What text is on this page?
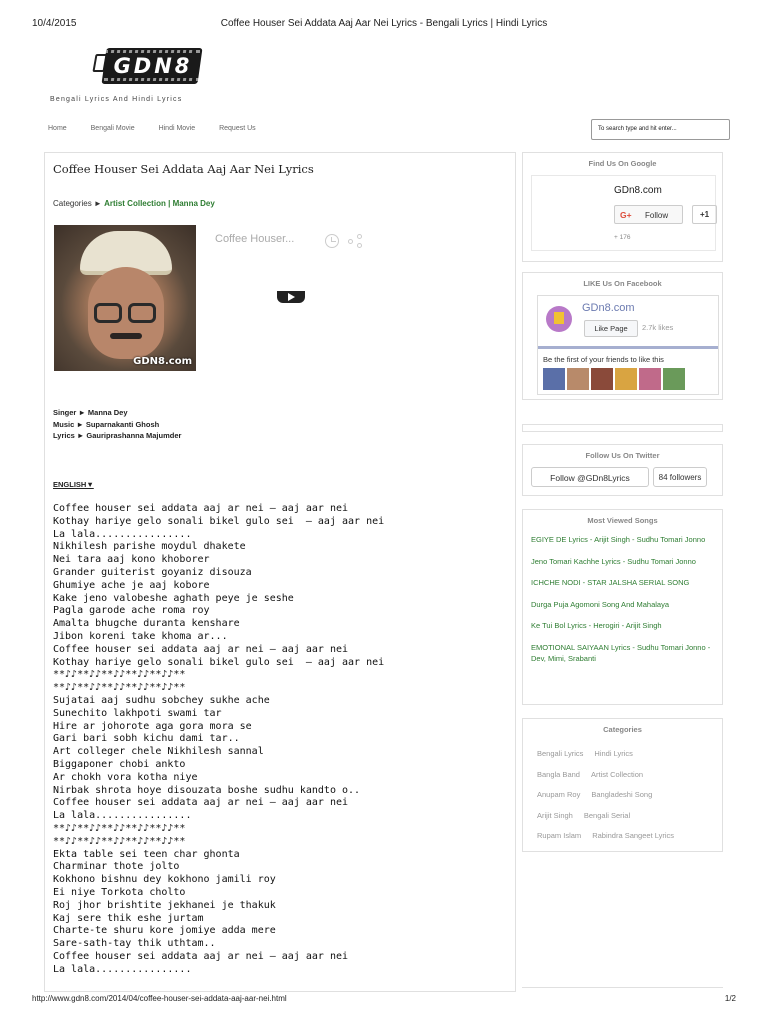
10/4/2015	Coffee Houser Sei Addata Aaj Aar Nei Lyrics - Bengali Lyrics | Hindi Lyrics
GDN8
Bengali Lyrics And Hindi Lyrics
Home	Bengali Movie	Hindi Movie	Request Us	To search type and hit enter...
Coffee Houser Sei Addata Aaj Aar Nei Lyrics
Categories ► Artist Collection | Manna Dey
GDN8.com
Coffee Houser...
Singer ► Manna Dey
Music ► Suparnakanti Ghosh
Lyrics ► Gauriprashanna Majumder
ENGLISH▼
Coffee houser sei addata aaj ar nei – aaj aar nei
Kothay hariye gelo sonali bikel gulo sei  – aaj aar nei
La lala................
Nikhilesh parishe moydul dhakete
Nei tara aaj kono khoborer
Grander guiterist goyaniz disouza
Ghumiye ache je aaj kobore
Kake jeno valobeshe aghath peye je seshe
Pagla garode ache roma roy
Amalta bhugche duranta kenshare
Jibon koreni take khoma ar...
Coffee houser sei addata aaj ar nei – aaj aar nei
Kothay hariye gelo sonali bikel gulo sei  – aaj aar nei
**♪♪**♪♪**♪♪**♪♪**♪♪**
**♪♪**♪♪**♪♪**♪♪**♪♪**
Sujatai aaj sudhu sobchey sukhe ache
Sunechito lakhpoti swami tar
Hire ar johorote aga gora mora se
Gari bari sobh kichu dami tar..
Art colleger chele Nikhilesh sannal
Biggaponer chobi ankto
Ar chokh vora kotha niye
Nirbak shrota hoye disouzata boshe sudhu kandto o..
Coffee houser sei addata aaj ar nei – aaj aar nei
La lala................
**♪♪**♪♪**♪♪**♪♪**♪♪**
**♪♪**♪♪**♪♪**♪♪**♪♪**
Ekta table sei teen char ghonta
Charminar thote jolto
Kokhono bishnu dey kokhono jamili roy
Ei niye Torkota cholto
Roj jhor brishtite jekhanei je thakuk
Kaj sere thik eshe jurtam
Charte-te shuru kore jomiye adda mere
Sare-sath-tay thik uthtam..
Coffee houser sei addata aaj ar nei – aaj aar nei
La lala................
Find Us On Google
GDn8.com
G+ Follow	+1
+ 176
LIKE Us On Facebook
GDn8.com
Like Page	2.7k likes
Be the first of your friends to like this
Follow Us On Twitter
Follow @GDn8Lyrics	84 followers
Most Viewed Songs
EGIYE DE Lyrics - Arijit Singh - Sudhu Tomari Jonno
Jeno Tomari Kachhe Lyrics - Sudhu Tomari Jonno
ICHCHE NODI - STAR JALSHA SERIAL SONG
Durga Puja Agomoni Song And Mahalaya
Ke Tui Bol Lyrics - Herogiri - Arijit Singh
EMOTIONAL SAIYAAN Lyrics - Sudhu Tomari Jonno - Dev, Mimi, Srabanti
Categories
Bengali Lyrics Hindi Lyrics
Bangla Band Artist Collection
Anupam Roy Bangladeshi Song
Arijit Singh Bengali Serial
Rupam Islam Rabindra Sangeet Lyrics
http://www.gdn8.com/2014/04/coffee-houser-sei-addata-aaj-aar-nei.html	1/2
